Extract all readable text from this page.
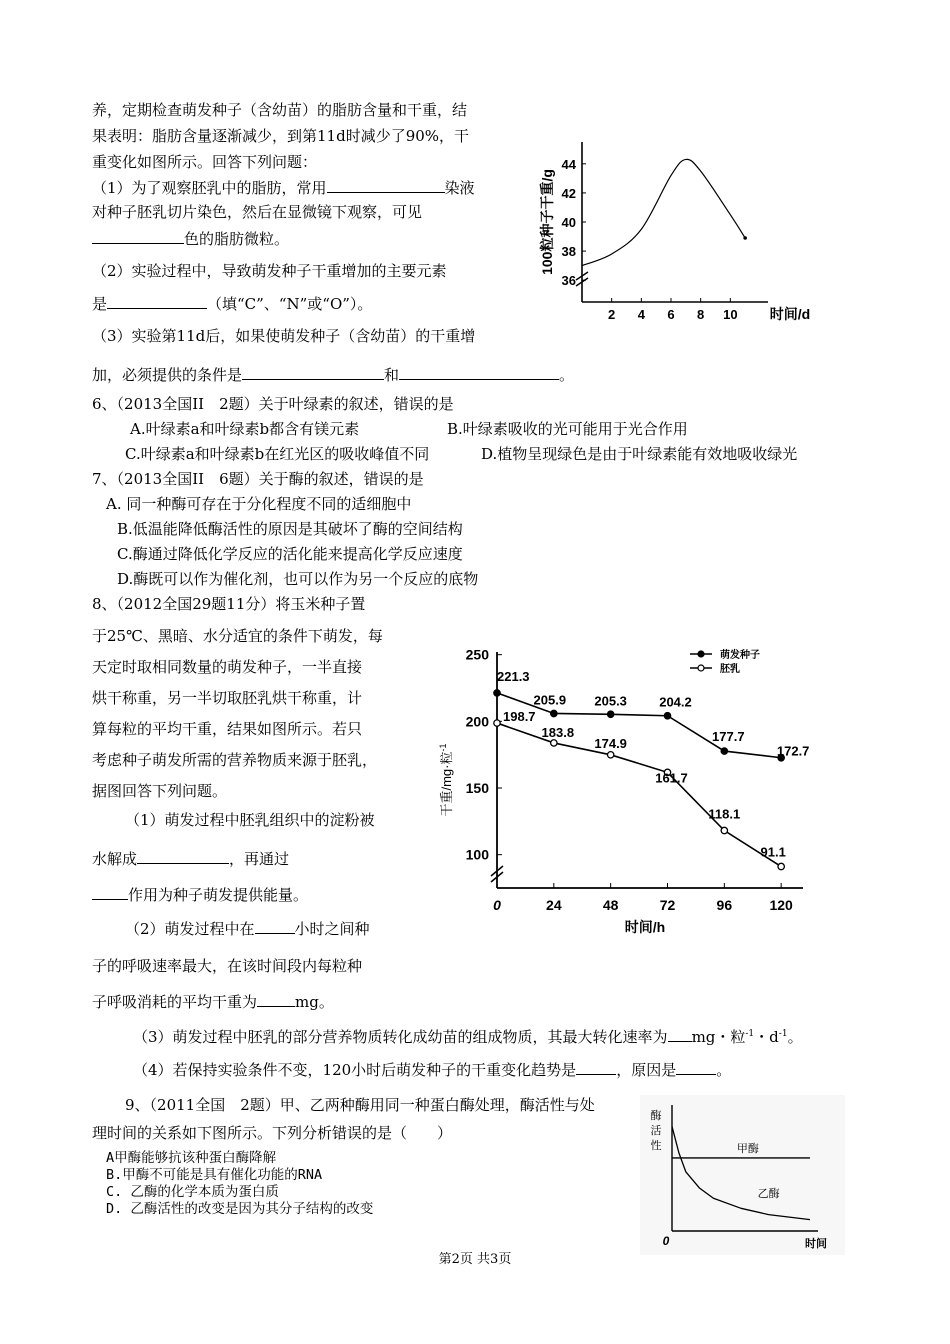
养，定期检查萌发种子（含幼苗）的脂肪含量和干重，结
果表明：脂肪含量逐渐减少，到第11d时减少了90%，干
重变化如图所示。回答下列问题：
（1）为了观察胚乳中的脂肪，常用	染液
对种子胚乳切片染色，然后在显微镜下观察，可见
色的脂肪微粒。
（2）实验过程中，导致萌发种子干重增加的主要元素
是	（填“C”、“N”或“O”）。
（3）实验第11d后，如果使萌发种子（含幼苗）的干重增
加，必须提供的条件是	和	。
2 4 6 8 10
36
38
40
42
44
时间/d
100粒种子干重/g
6、（2013全国II　2题）关于叶绿素的叙述，错误的是
A.叶绿素a和叶绿素b都含有镁元素	B.叶绿素吸收的光可能用于光合作用
C.叶绿素a和叶绿素b在红光区的吸收峰值不同	D.植物呈现绿色是由于叶绿素能有效地吸收绿光
7、（2013全国II　6题）关于酶的叙述，错误的是
A. 同一种酶可存在于分化程度不同的适细胞中
B.低温能降低酶活性的原因是其破坏了酶的空间结构
C.酶通过降低化学反应的活化能来提高化学反应速度
D.酶既可以作为催化剂，也可以作为另一个反应的底物
8、（2012全国29题11分）将玉米种子置
于25℃、黑暗、水分适宜的条件下萌发，每
天定时取相同数量的萌发种子，一半直接
烘干称重，另一半切取胚乳烘干称重，计
算每粒的平均干重，结果如图所示。若只
考虑种子萌发所需的营养物质来源于胚乳，
据图回答下列问题。
（1）萌发过程中胚乳组织中的淀粉被
水解成	，再通过
作用为种子萌发提供能量。
（2）萌发过程中在	小时之间种
子的呼吸速率最大，在该时间段内每粒种
子呼吸消耗的平均干重为	mg。
（3）萌发过程中胚乳的部分营养物质转化成幼苗的组成物质，其最大转化速率为 mg・粒$^{-1}$・$d^{-1}$。
（4）若保持实验条件不变，120小时后萌发种子的干重变化趋势是	，原因是	。
0	24	48	72	96	120
100
150
200
250
时间/h
干重/mg·粒$^{-1}$
萌发种子
胚乳
221.3
205.9 205.3 204.2
177.7
172.7
198.7
183.8
174.9
161.7
118.1
91.1
9、（2011全国　2题）甲、乙两种酶用同一种蛋白酶处理，酶活性与处
理时间的关系如下图所示。下列分析错误的是（　　）
A甲酶能够抗该种蛋白酶降解
B.甲酶不可能是具有催化功能的RNA
C. 乙酶的化学本质为蛋白质
D. 乙酶活性的改变是因为其分子结构的改变
酶
活
性
0	时间
甲酶
乙酶
第2页 共3页
